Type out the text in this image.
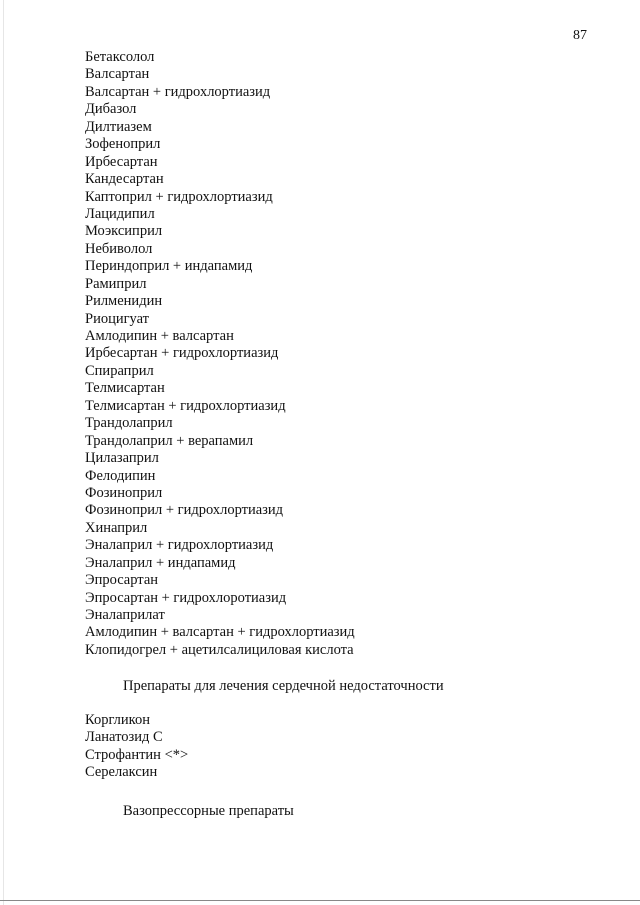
87
Бетаксолол
Валсартан
Валсартан + гидрохлортиазид
Дибазол
Дилтиазем
Зофеноприл
Ирбесартан
Кандесартан
Каптоприл + гидрохлортиазид
Лацидипил
Моэксиприл
Небиволол
Периндоприл + индапамид
Рамиприл
Рилменидин
Риоцигуат
Амлодипин + валсартан
Ирбесартан + гидрохлортиазид
Спираприл
Телмисартан
Телмисартан + гидрохлортиазид
Трандолаприл
Трандолаприл + верапамил
Цилазаприл
Фелодипин
Фозиноприл
Фозиноприл + гидрохлортиазид
Хинаприл
Эналаприл + гидрохлортиазид
Эналаприл + индапамид
Эпросартан
Эпросартан + гидрохлоротиазид
Эналаприлат
Амлодипин + валсартан + гидрохлортиазид
Клопидогрел + ацетилсалициловая кислота
Препараты для лечения сердечной недостаточности
Коргликон
Ланатозид С
Строфантин <*>
Серелаксин
Вазопрессорные препараты
